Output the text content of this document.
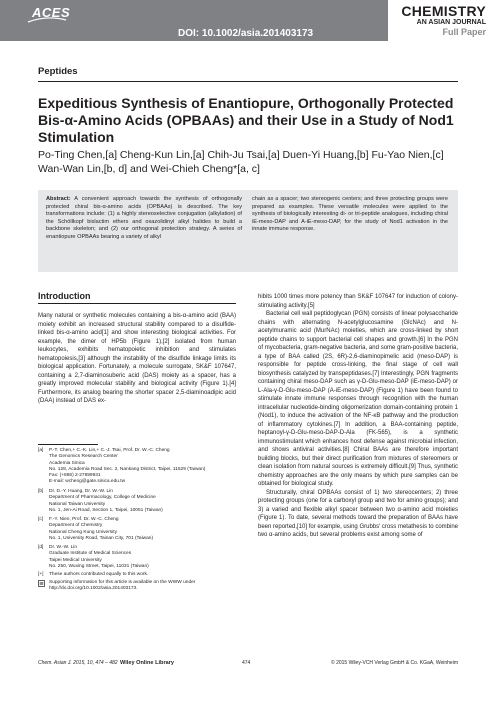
ACES
DOI: 10.1002/asia.201403173
CHEMISTRY
AN ASIAN JOURNAL
Full Paper
Peptides
Expeditious Synthesis of Enantiopure, Orthogonally Protected Bis-α-Amino Acids (OPBAAs) and their Use in a Study of Nod1 Stimulation

Po-Ting Chen,[a] Cheng-Kun Lin,[a] Chih-Ju Tsai,[a] Duen-Yi Huang,[b] Fu-Yao Nien,[c] Wan-Wan Lin,[b, d] and Wei-Chieh Cheng*[a, c]

Abstract: A convenient approach towards the synthesis of orthogonally protected chiral bis-α-amino acids (OPBAAs) is described. The key transformations include: (1) a highly stereoselective conjugation (alkylation) of the Schöllkopf bislactim ethers and oxazolidinyl alkyl halides to build a backbone skeleton; and (2) our orthogonal protection strategy. A series of enantiopure OPBAAs bearing a variety of alkyl

chain as a spacer; two stereogenic centers; and three protecting groups were prepared as examples. These versatile molecules were applied to the synthesis of biologically interesting di- or tri-peptide analogues, including chiral iE-meso-DAP and A-iE-meso-DAP, for the study of Nod1 activation in the innate immune response.

Introduction

Many natural or synthetic molecules containing a bis-α-amino acid (BAA) moiety exhibit an increased structural stability compared to a disulfide-linked bis-α-amino acid[1] and show interesting biological activities. For example, the dimer of HP5b (Figure 1),[2] isolated from human leukocytes, exhibits hematopoietic inhibition and stimulates hematopoiesis,[3] although the instability of the disulfide linkage limits its biological application. Fortunately, a molecule surrogate, SK&F 107647, containing a 2,7-diaminosuberic acid (DAS) moiety as a spacer, has a greatly improved molecular stability and biological activity (Figure 1).[4] Furthermore, its analog bearing the shorter spacer 2,5-diaminoadipic acid (DAA) instead of DAS ex-

hibits 1000 times more potency than SK&F 107647 for induction of colony-stimulating activity.[5]

Bacterial cell wall peptidoglycan (PGN) consists of linear polysaccharide chains with alternating N-acetylglucosamine (GlcNAc) and N-acetylmuramic acid (MurNAc) moieties, which are cross-linked by short peptide chains to support bacterial cell shapes and growth.[6] In the PGN of mycobacteria, gram-negative bacteria, and some gram-positive bacteria, a type of BAA called (2S, 6R)-2,6-diaminopimelic acid (meso-DAP) is responsible for peptide cross-linking, the final stage of cell wall biosynthesis catalyzed by transpeptidases.[7] Interestingly, PGN fragments containing chiral meso-DAP such as γ-D-Glu-meso-DAP (iE-meso-DAP) or L-Ala-γ-D-Glu-meso-DAP (A-iE-meso-DAP) (Figure 1) have been found to stimulate innate immune responses through recognition with the human intracellular nucleotide-binding oligomerization domain-containing protein 1 (Nod1), to induce the activation of the NF-κB pathway and the production of inflammatory cytokines.[7] In addition, a BAA-containing peptide, heptanoyl-γ-D-Glu-meso-DAP-D-Ala (FK-565), is a synthetic immunostimulant which enhances host defense against microbial infection, and shows antiviral activities.[8] Chiral BAAs are therefore important building blocks, but their direct purification from mixtures of stereomers or clean isolation from natural sources is extremely difficult.[9] Thus, synthetic chemistry approaches are the only means by which pure samples can be obtained for biological study.

Structurally, chiral OPBAAs consist of 1) two stereocenters; 2) three protecting groups (one for a carboxyl group and two for amino groups); and 3) a varied and flexible alkyl spacer between two α-amino acid moieties (Figure 1). To date, several methods toward the preparation of BAAs have been reported,[10] for example, using Grubbs' cross metathesis to combine two α-amino acids, but several problems exist among some of

[a] P.-T. Chen,+ C.-K. Lin,+ C.-J. Tsai, Prof. Dr. W.-C. Cheng
The Genomics Research Center
Academia Sinica
No. 128, Academia Road Sec. 2, Nankang District, Taipei, 11529 (Taiwan)
Fax: (+886) 2-27899931
E-mail: wcheng@gate.sinica.edu.tw
[b] Dr. D.-Y. Huang, Dr. W.-W. Lin
Department of Pharmacology, College of Medicine
National Taiwan University
No. 1, Jen-Ai Road, Section 1, Taipei, 10051 (Taiwan)
[c] F.-Y. Nien, Prof. Dr. W.-C. Cheng
Department of Chemistry
National Cheng Kung University
No. 1, University Road, Tainan City, 701 (Taiwan)
[d] Dr. W.-W. Lin
Graduate Institute of Medical Sciences
Taipei Medical University
No. 250, Wuxing Street, Taipei, 11031 (Taiwan)
[+] These authors contributed equally to this work.
Supporting information for this article is available on the WWW under
http://dx.doi.org/10.1002/asia.201403173.
Chem. Asian J. 2015, 10, 474 – 482 Wiley Online Library	474	© 2015 Wiley-VCH Verlag GmbH & Co. KGaA, Weinheim
